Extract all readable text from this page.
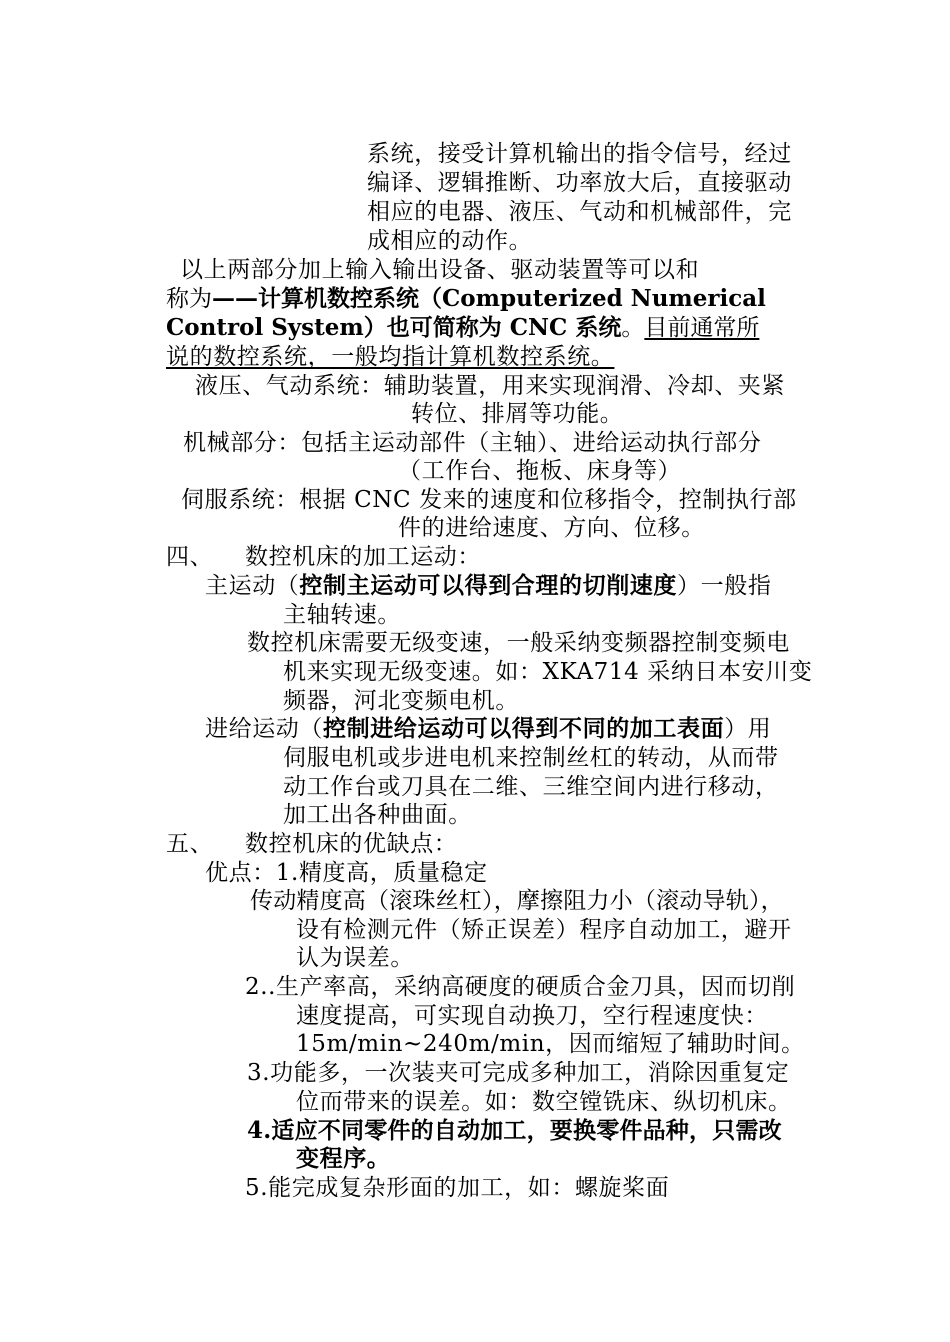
系统，接受计算机输出的指令信号，经过
编译、逻辑推断、功率放大后，直接驱动
相应的电器、液压、气动和机械部件，完
成相应的动作。
以上两部分加上输入输出设备、驱动装置等可以和
称为——计算机数控系统（Computerized Numerical
Control System）也可简称为 CNC 系统。目前通常所
说的数控系统，一般均指计算机数控系统。
液压、气动系统：辅助装置，用来实现润滑、冷却、夹紧
转位、排屑等功能。
机械部分：包括主运动部件（主轴）、进给运动执行部分
（工作台、拖板、床身等）
伺服系统：根据 CNC 发来的速度和位移指令，控制执行部
件的进给速度、方向、位移。
四、 数控机床的加工运动：
主运动（控制主运动可以得到合理的切削速度）一般指
主轴转速。
数控机床需要无级变速，一般采纳变频器控制变频电
机来实现无级变速。如：XKA714 采纳日本安川变
频器，河北变频电机。
进给运动（控制进给运动可以得到不同的加工表面）用
伺服电机或步进电机来控制丝杠的转动，从而带
动工作台或刀具在二维、三维空间内进行移动，
加工出各种曲面。
五、 数控机床的优缺点：
优点：1.精度高，质量稳定
传动精度高（滚珠丝杠），摩擦阻力小（滚动导轨），
设有检测元件（矫正误差）程序自动加工，避开
认为误差。
2..生产率高，采纳高硬度的硬质合金刀具，因而切削
速度提高，可实现自动换刀，空行程速度快：
15m/min~240m/min，因而缩短了辅助时间。
3.功能多，一次装夹可完成多种加工，消除因重复定
位而带来的误差。如：数空镗铣床、纵切机床。
4.适应不同零件的自动加工，要换零件品种，只需改
变程序。
5.能完成复杂形面的加工，如：螺旋桨面
